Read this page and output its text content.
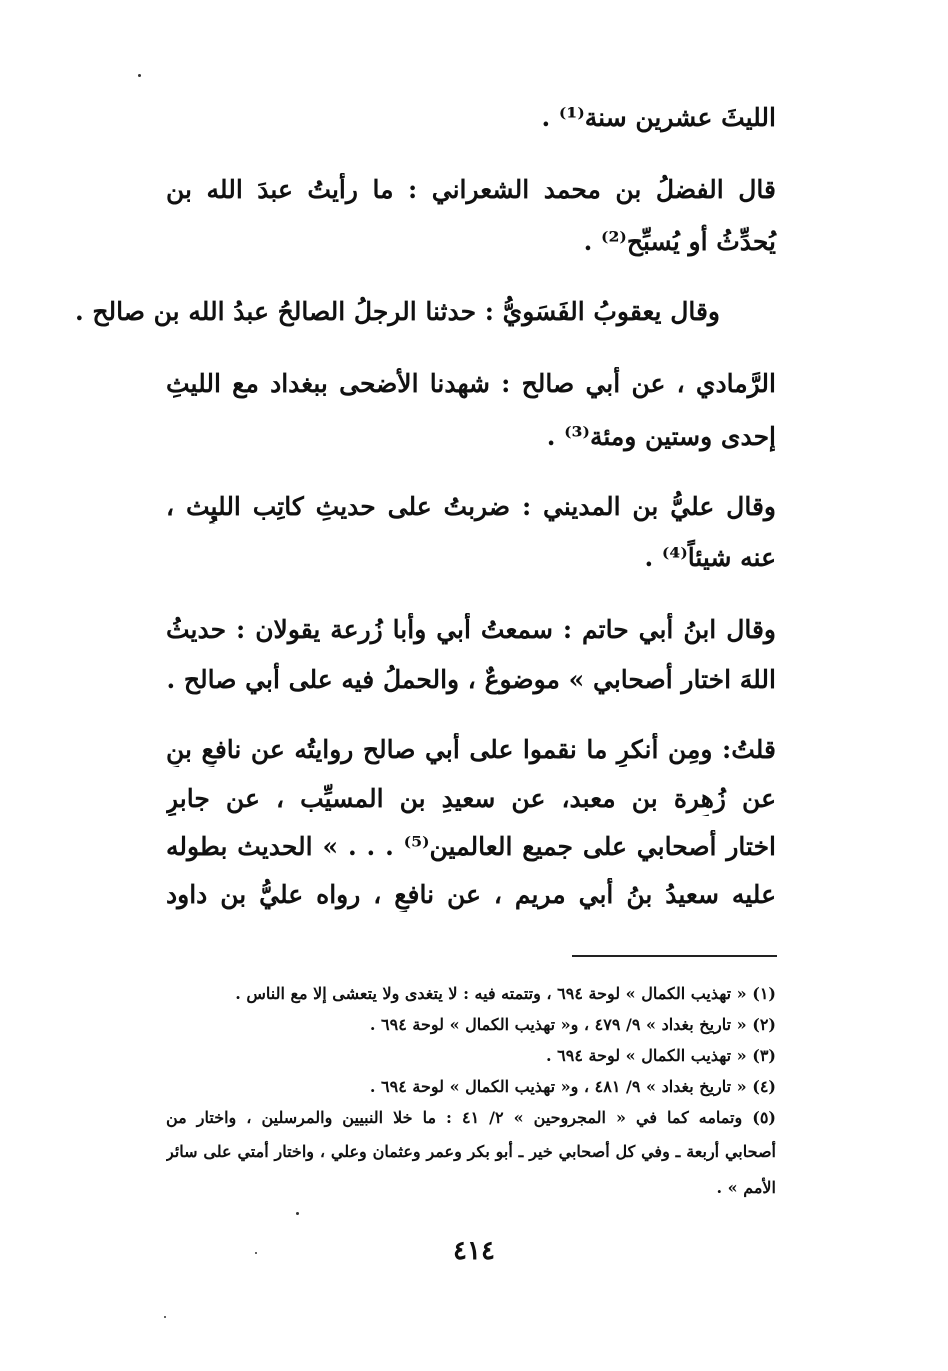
الليثَ عشرين سنة⁽¹⁾ .
قال الفضلُ بن محمد الشعراني : ما رأيتُ عبدَ الله بن
يُحدِّثُ أو يُسبِّح⁽²⁾ .
وقال يعقوبُ الفَسَويُّ : حدثنا الرجلُ الصالحُ عبدُ الله بن صالح .
الرَّمادي ، عن أبي صالح : شهدنا الأضحى ببغداد مع الليثِ
إحدى وستين ومئة⁽³⁾ .
وقال عليُّ بن المديني : ضربتُ على حديثِ كاتِب الليث ،
عنه شيئاً⁽⁴⁾ .
وقال ابنُ أبي حاتم : سمعتُ أبي وأبا زُرعة يقولان : حديثُ
اللهَ اختار أصحابي » موضوعٌ ، والحملُ فيه على أبي صالح .
قلتُ: ومِن أنكرِ ما نقموا على أبي صالح روايتُه عن نافعِ بنِ
عن زُهرة بن معبد، عن سعيدِ بن المسيِّب ، عن جابرٍ
اختار أصحابي على جميع العالمين⁽⁵⁾ . . . » الحديث بطوله
عليه سعيدُ بنُ أبي مريم ، عن نافعٍ ، رواه عليُّ بن داود
(١) « تهذيب الكمال » لوحة ٦٩٤ ، وتتمته فيه : لا يتغدى ولا يتعشى إلا مع الناس .
(٢) « تاريخ بغداد » ٩/ ٤٧٩ ، و« تهذيب الكمال » لوحة ٦٩٤ .
(٣) « تهذيب الكمال » لوحة ٦٩٤ .
(٤) « تاريخ بغداد » ٩/ ٤٨١ ، و« تهذيب الكمال » لوحة ٦٩٤ .
(٥) وتمامه كما في « المجروحين » ٢/ ٤١ : ما خلا النبيين والمرسلين ، واختار من
أصحابي أربعة ـ وفي كل أصحابي خير ـ أبو بكر وعمر وعثمان وعلي ، واختار أمتي على سائر
الأمم » .
٤١٤
